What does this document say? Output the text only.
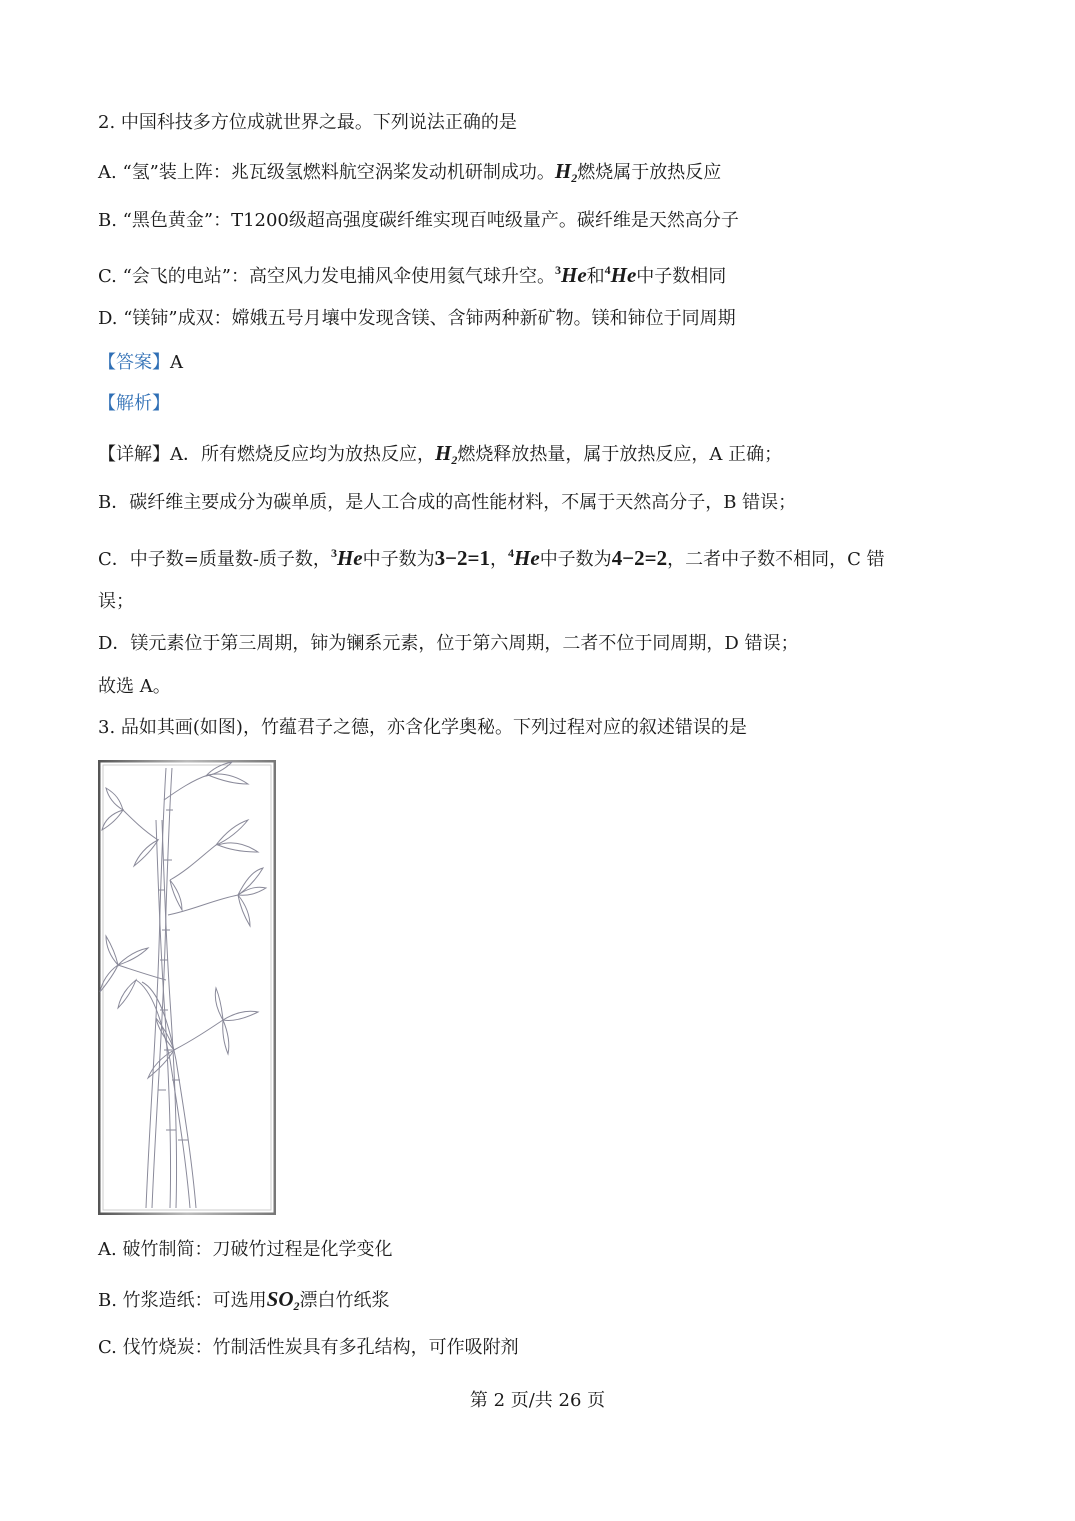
2. 中国科技多方位成就世界之最。下列说法正确的是
A. “氢”装上阵：兆瓦级氢燃料航空涡桨发动机研制成功。$H_2$燃烧属于放热反应
B. “黑色黄金”：T1200级超高强度碳纤维实现百吨级量产。碳纤维是天然高分子
C. “会飞的电站”：高空风力发电捕风伞使用氦气球升空。$^3$He和$^4$He中子数相同
D. “镁铈”成双：嫦娥五号月壤中发现含镁、含铈两种新矿物。镁和铈位于同周期
【答案】A
【解析】
【详解】A．所有燃烧反应均为放热反应，$H_2$燃烧释放热量，属于放热反应，A 正确；
B．碳纤维主要成分为碳单质，是人工合成的高性能材料，不属于天然高分子，B 错误；
C．中子数=质量数-质子数，$^3$He中子数为3−2=1，$^4$He中子数为4−2=2，二者中子数不相同，C 错
误；
D．镁元素位于第三周期，铈为镧系元素，位于第六周期，二者不位于同周期，D 错误；
故选 A。
3. 品如其画(如图)，竹蕴君子之德，亦含化学奥秘。下列过程对应的叙述错误的是
A. 破竹制简：刀破竹过程是化学变化
B. 竹浆造纸：可选用$SO_2$漂白竹纸浆
C. 伐竹烧炭：竹制活性炭具有多孔结构，可作吸附剂
第 2 页/共 26 页
